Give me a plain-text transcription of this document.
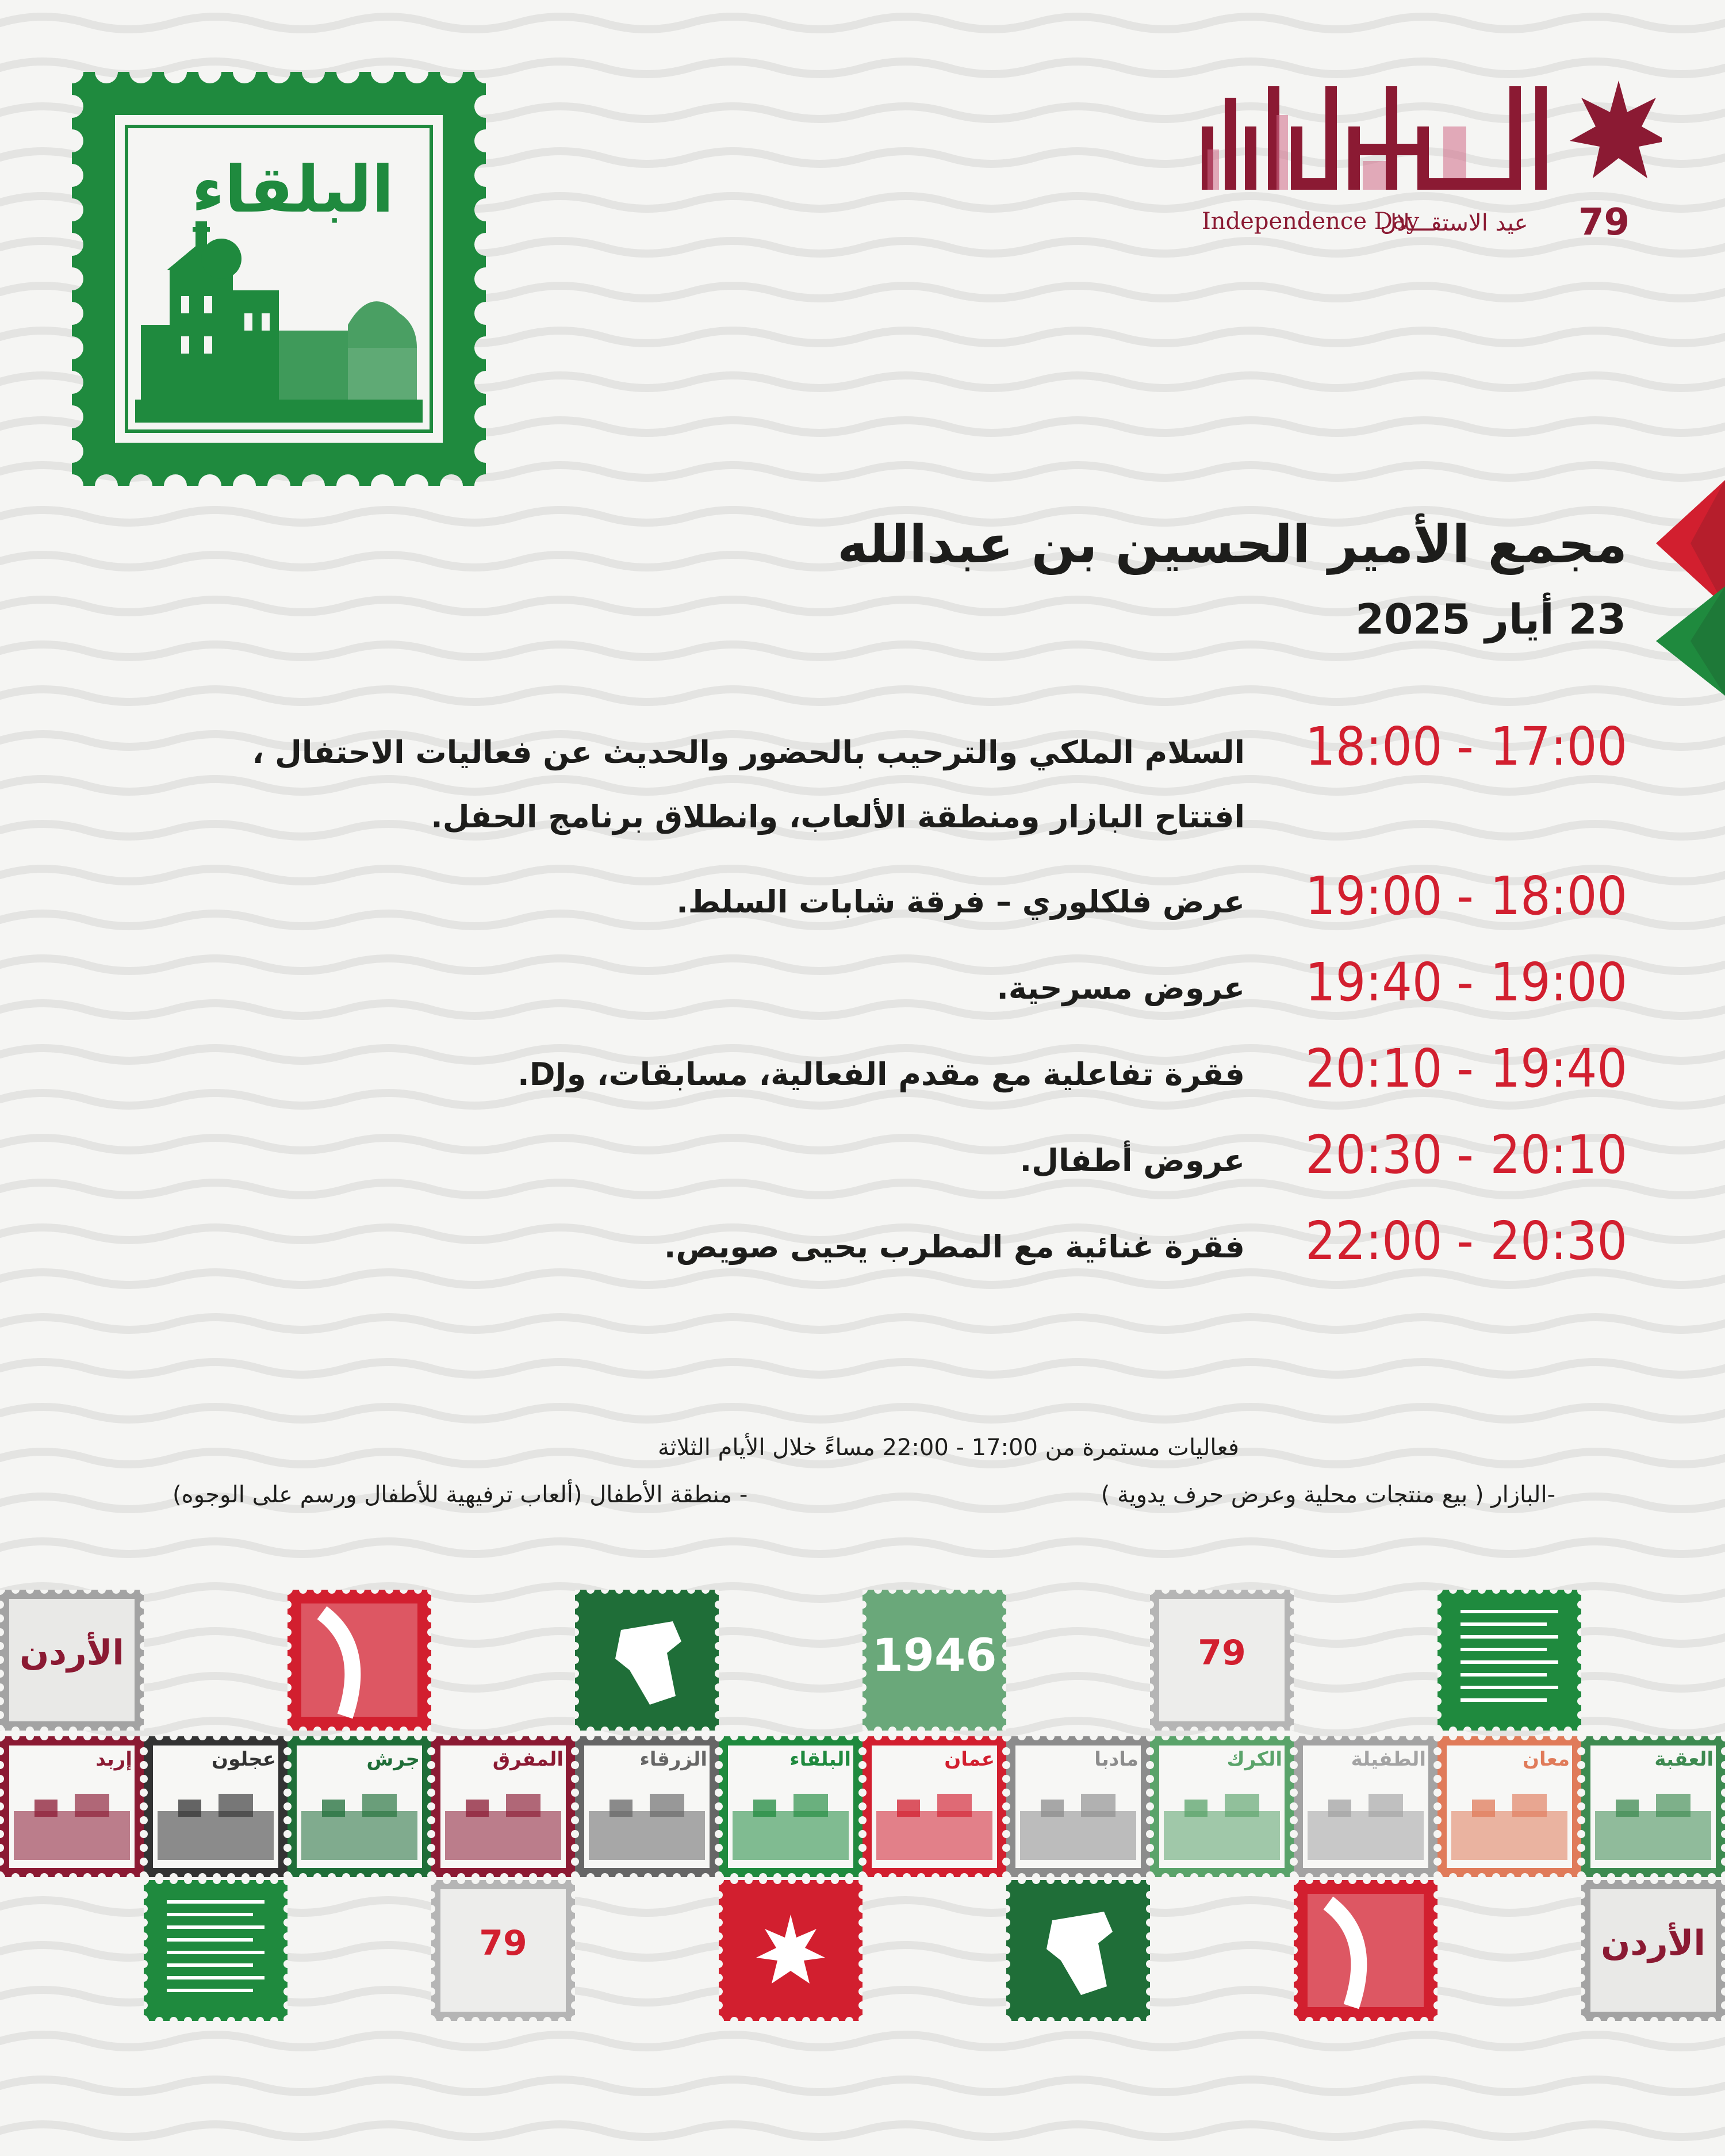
البلقاء	79
عيد الاستقـــلال
Independence Day
مجمع الأمير الحسين بن عبدالله
23 أيار 2025
18:00 - 17:00
السلام الملكي والترحيب بالحضور والحديث عن فعاليات الاحتفال ، افتتاح البازار ومنطقة الألعاب، وانطلاق برنامج الحفل.
19:00 - 18:00
عرض فلكلوري – فرقة شابات السلط.
19:40 - 19:00
عروض مسرحية.
20:10 - 19:40
فقرة تفاعلية مع مقدم الفعالية، مسابقات، وDJ.
20:30 - 20:10
عروض أطفال.
22:00 - 20:30
فقرة غنائية مع المطرب يحيى صويص.
فعاليات مستمرة من 17:00 - 22:00 مساءً خلال الأيام الثلاثة
-البازار ( بيع منتجات محلية وعرض حرف يدوية )
- منطقة الأطفال (ألعاب ترفيهية للأطفال ورسم على الوجوه)
الأردن	1946	79
إربد	عجلون	جرش	المفرق	الزرقاء	البلقاء	عمان	مادبا	الكرك	الطفيلة	معان	العقبة
79	الأردن
